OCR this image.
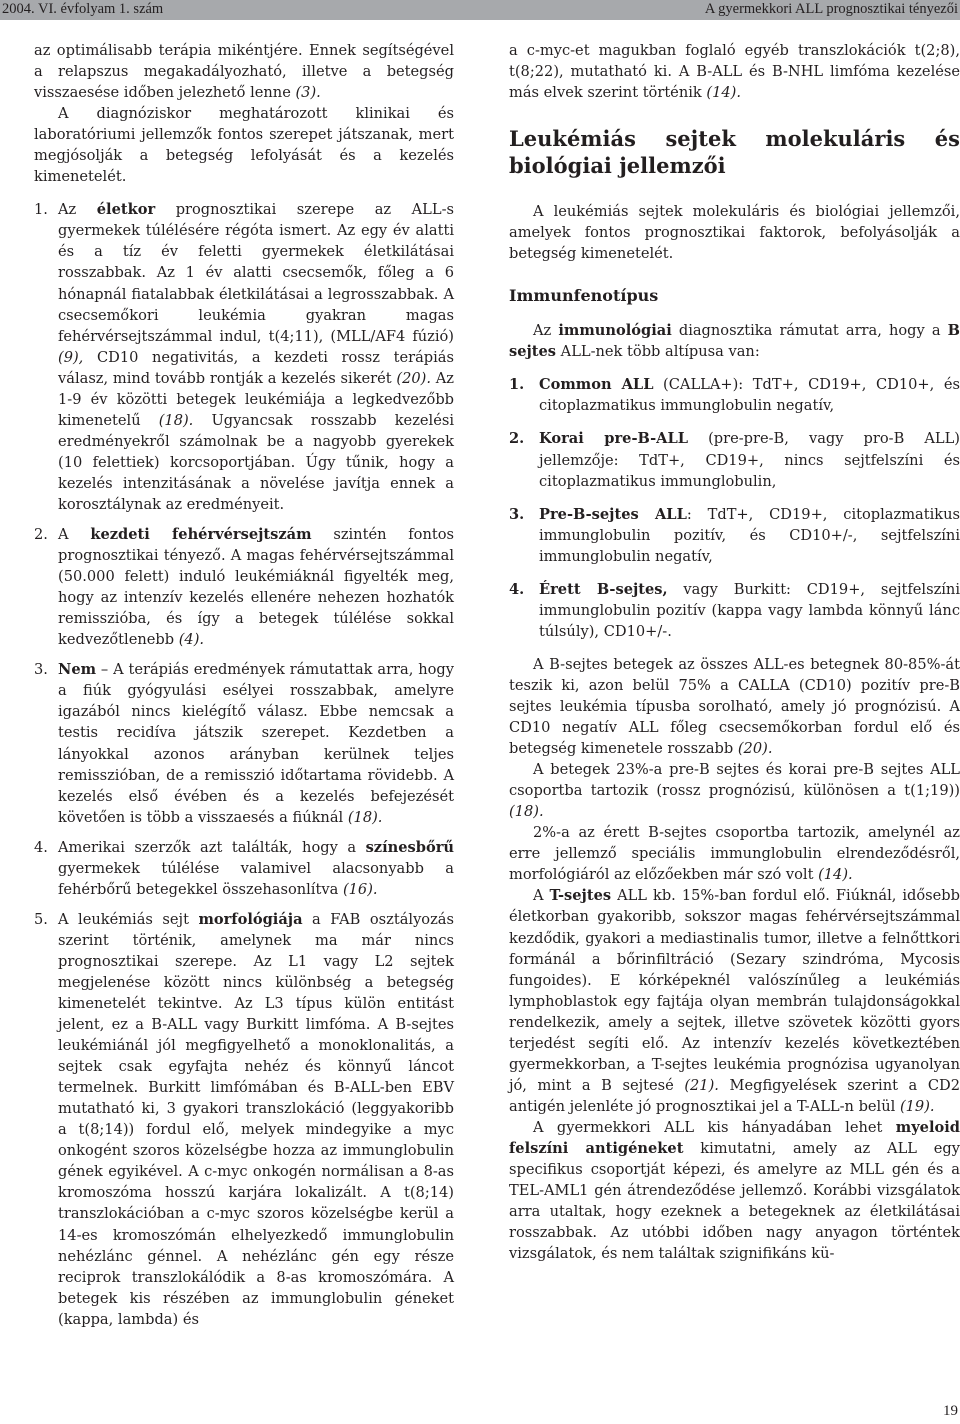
2004. VI. évfolyam 1. szám	A gyermekkori ALL prognosztikai tényezői

az optimálisabb terápia mikéntjére. Ennek segítségével a relapszus megakadályozható, illetve a betegség visszaesése időben jelezhető lenne (3).

A diagnóziskor meghatározott klinikai és laboratóriumi jellemzők fontos szerepet játszanak, mert megjósolják a betegség lefolyását és a kezelés kimenetelét.

1. Az életkor prognosztikai szerepe az ALL-s gyermekek túlélésére régóta ismert. Az egy év alatti és a tíz év feletti gyermekek életkilátásai rosszabbak. Az 1 év alatti csecsemők, főleg a 6 hónapnál fiatalabbak életkilátásai a legrosszabbak. A csecsemőkori leukémia gyakran magas fehérvérsejtszámmal indul, t(4;11), (MLL/AF4 fúzió) (9), CD10 negativitás, a kezdeti rossz terápiás válasz, mind tovább rontják a kezelés sikerét (20). Az 1-9 év közötti betegek leukémiája a legkedvezőbb kimenetelű (18). Ugyancsak rosszabb kezelési eredményekről számolnak be a nagyobb gyerekek (10 felettiek) korcsoportjában. Úgy tűnik, hogy a kezelés intenzitásának a növelése javítja ennek a korosztálynak az eredményeit.
2. A kezdeti fehérvérsejtszám szintén fontos prognosztikai tényező. A magas fehérvérsejtszámmal (50.000 felett) induló leukémiáknál figyelték meg, hogy az intenzív kezelés ellenére nehezen hozhatók remisszióba, és így a betegek túlélése sokkal kedvezőtlenebb (4).
3. Nem – A terápiás eredmények rámutattak arra, hogy a fiúk gyógyulási esélyei rosszabbak, amelyre igazából nincs kielégítő válasz. Ebbe nemcsak a testis recidíva játszik szerepet. Kezdetben a lányokkal azonos arányban kerülnek teljes remisszióban, de a remisszió időtartama rövidebb. A kezelés első évében és a kezelés befejezését követően is több a visszaesés a fiúknál (18).
4. Amerikai szerzők azt találták, hogy a színesbőrű gyermekek túlélése valamivel alacsonyabb a fehérbőrű betegekkel összehasonlítva (16).
5. A leukémiás sejt morfológiája a FAB osztályozás szerint történik, amelynek ma már nincs prognosztikai szerepe. Az L1 vagy L2 sejtek megjelenése között nincs különbség a betegség kimenetelét tekintve. Az L3 típus külön entitást jelent, ez a B-ALL vagy Burkitt limfóma. A B-sejtes leukémiánál jól megfigyelhető a monoklonalitás, a sejtek csak egyfajta nehéz és könnyű láncot termelnek. Burkitt limfómában és B-ALL-ben EBV mutatható ki, 3 gyakori transzlokáció (leggyakoribb a t(8;14)) fordul elő, melyek mindegyike a myc onkogént szoros közelségbe hozza az immunglobulin gének egyikével. A c-myc onkogén normálisan a 8-as kromoszóma hosszú karjára lokalizált. A t(8;14) transzlokációban a c-myc szoros közelségbe kerül a 14-es kromoszómán elhelyezkedő immunglobulin nehézlánc génnel. A nehézlánc gén egy része reciprok transzlokálódik a 8-as kromoszómára. A betegek kis részében az immunglobulin géneket (kappa, lambda) és

a c-myc-et magukban foglaló egyéb transzlokációk t(2;8), t(8;22), mutatható ki. A B-ALL és B-NHL limfóma kezelése más elvek szerint történik (14).

Leukémiás sejtek molekuláris és biológiai jellemzői

A leukémiás sejtek molekuláris és biológiai jellemzői, amelyek fontos prognosztikai faktorok, befolyásolják a betegség kimenetelét.

Immunfenotípus

Az immunológiai diagnosztika rámutat arra, hogy a B sejtes ALL-nek több altípusa van:

1. Common ALL (CALLA+): TdT+, CD19+, CD10+, és citoplazmatikus immunglobulin negatív,
2. Korai pre-B-ALL (pre-pre-B, vagy pro-B ALL) jellemzője: TdT+, CD19+, nincs sejtfelszíni és citoplazmatikus immunglobulin,
3. Pre-B-sejtes ALL: TdT+, CD19+, citoplazmatikus immunglobulin pozitív, és CD10+/-, sejtfelszíni immunglobulin negatív,
4. Érett B-sejtes, vagy Burkitt: CD19+, sejtfelszíni immunglobulin pozitív (kappa vagy lambda könnyű lánc túlsúly), CD10+/-.

A B-sejtes betegek az összes ALL-es betegnek 80-85%-át teszik ki, azon belül 75% a CALLA (CD10) pozitív pre-B sejtes leukémia típusba sorolható, amely jó prognózisú. A CD10 negatív ALL főleg csecsemőkorban fordul elő és betegség kimenetele rosszabb (20).

A betegek 23%-a pre-B sejtes és korai pre-B sejtes ALL csoportba tartozik (rossz prognózisú, különösen a t(1;19)) (18).

2%-a az érett B-sejtes csoportba tartozik, amelynél az erre jellemző speciális immunglobulin elrendeződésről, morfológiáról az előzőekben már szó volt (14).

A T-sejtes ALL kb. 15%-ban fordul elő. Fiúknál, idősebb életkorban gyakoribb, sokszor magas fehérvérsejtszámmal kezdődik, gyakori a mediastinalis tumor, illetve a felnőttkori formánál a bőrinfiltráció (Sezary szindróma, Mycosis fungoides). E kórképeknél valószínűleg a leukémiás lymphoblastok egy fajtája olyan membrán tulajdonságokkal rendelkezik, amely a sejtek, illetve szövetek közötti gyors terjedést segíti elő. Az intenzív kezelés következtében gyermekkorban, a T-sejtes leukémia prognózisa ugyanolyan jó, mint a B sejtesé (21). Megfigyelések szerint a CD2 antigén jelenléte jó prognosztikai jel a T-ALL-n belül (19).

A gyermekkori ALL kis hányadában lehet myeloid felszíni antigéneket kimutatni, amely az ALL egy specifikus csoportját képezi, és amelyre az MLL gén és a TEL-AML1 gén átrendeződése jellemző. Korábbi vizsgálatok arra utaltak, hogy ezeknek a betegeknek az életkilátásai rosszabbak. Az utóbbi időben nagy anyagon történtek vizsgálatok, és nem találtak szignifikáns kü-

19
